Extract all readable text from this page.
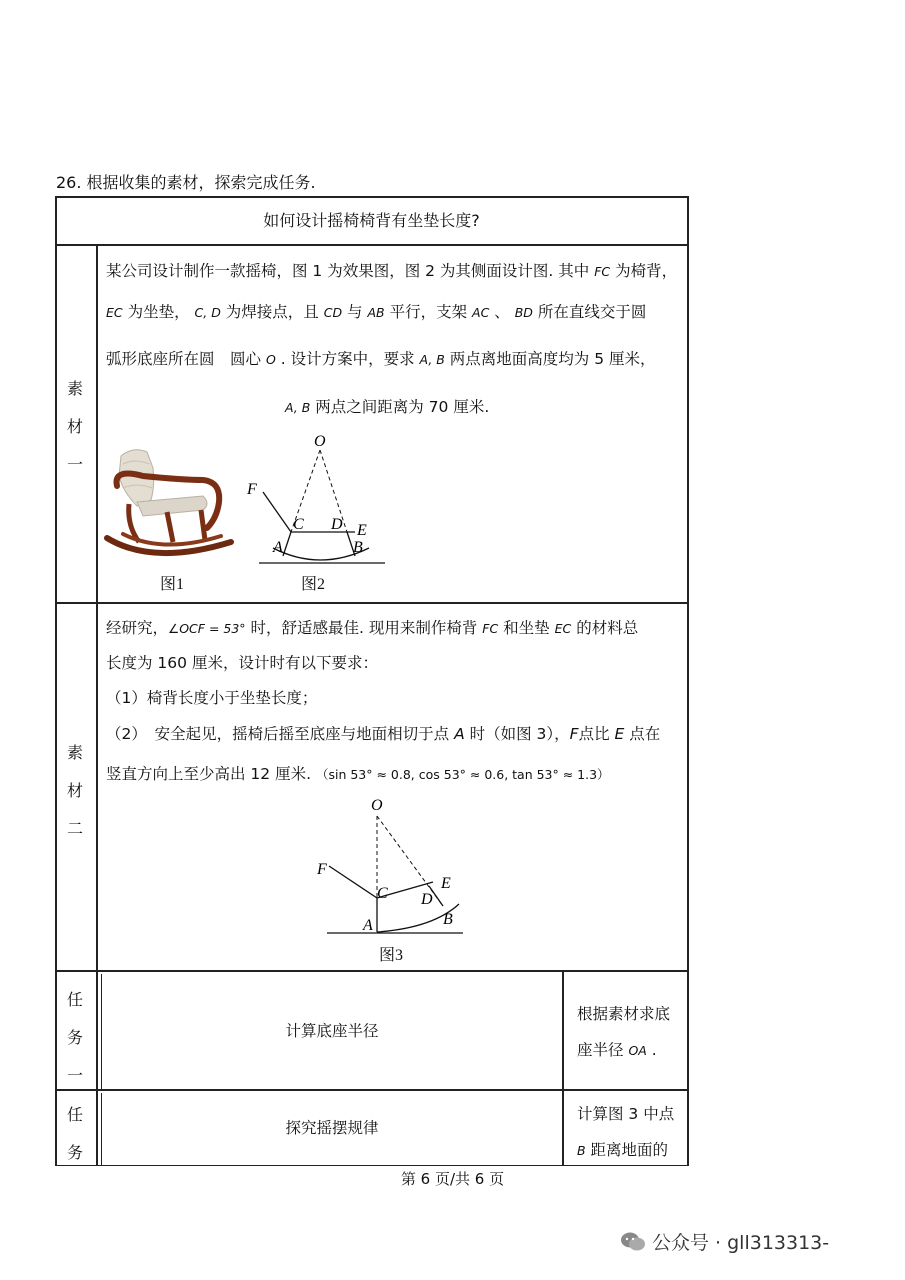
26. 根据收集的素材，探索完成任务.
如何设计摇椅椅背有坐垫长度?
素
材
一
某公司设计制作一款摇椅，图 1 为效果图，图 2 为其侧面设计图. 其中 FC 为椅背，
EC 为坐垫， C, D 为焊接点，且 CD 与 AB 平行，支架 AC 、 BD 所在直线交于圆
弧形底座所在圆　圆心 O . 设计方案中，要求 A, B 两点离地面高度均为 5 厘米，
A, B 两点之间距离为 70 厘米.
图1
O
F
C D E
A	B
图2
素
材
二
经研究，∠OCF = 53° 时，舒适感最佳. 现用来制作椅背 FC 和坐垫 EC 的材料总
长度为 160 厘米，设计时有以下要求：
（1）椅背长度小于坐垫长度；
（2）　安全起见，摇椅后摇至底座与地面相切于点 A 时（如图 3），F点比 E 点在
竖直方向上至少高出 12 厘米. （sin 53° ≈ 0.8, cos 53° ≈ 0.6, tan 53° ≈ 1.3）
O
F
C D
E
A	B
图3
任
务
一
计算底座半径
根据素材求底
座半径 OA .
任
务
探究摇摆规律
计算图 3 中点
B 距离地面的
第 6 页/共 6 页
公众号 · gll313313-
